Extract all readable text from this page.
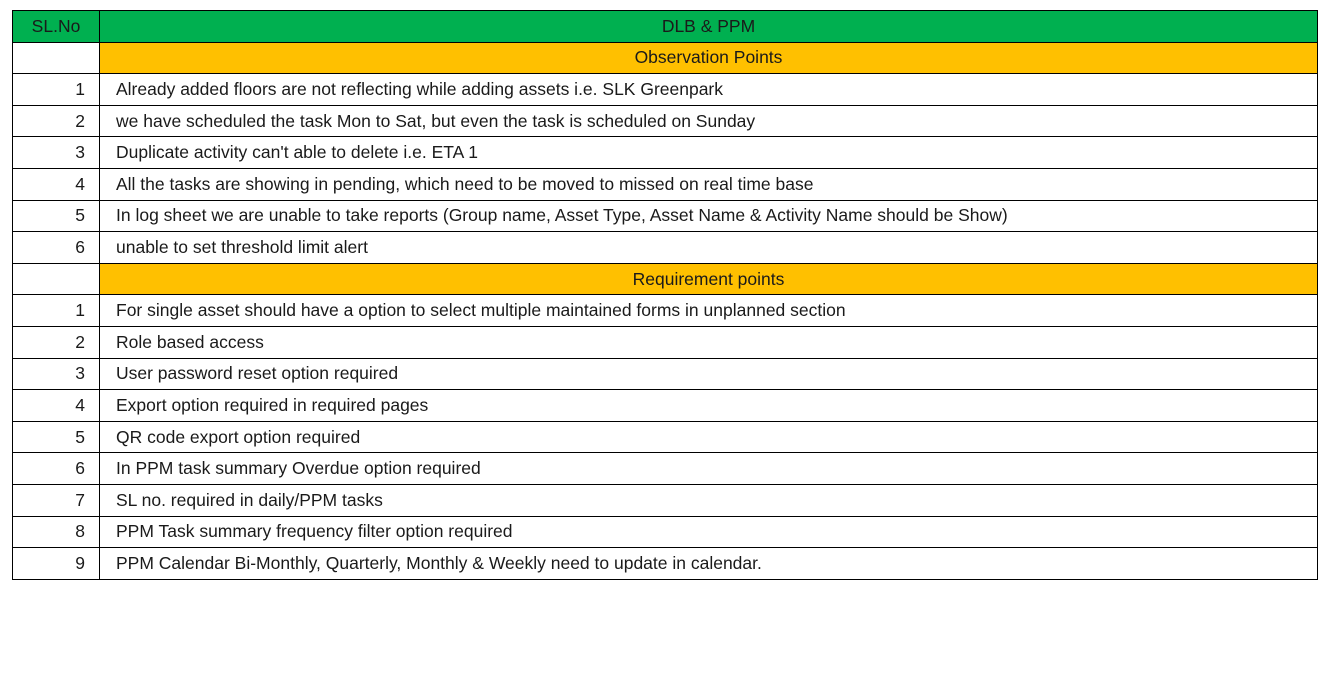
SL.No	DLB & PPM
	Observation Points
1	Already added floors are not reflecting while adding assets i.e. SLK Greenpark
2	we have scheduled the task Mon to Sat, but even the task is scheduled on Sunday
3	Duplicate activity can't able to delete i.e. ETA 1
4	All the tasks are showing in pending, which need to be moved to missed on real time base
5	In log sheet we are unable to take reports (Group name, Asset Type, Asset Name & Activity Name should be Show)
6	unable to set threshold limit alert
	Requirement points
1	For single asset should have a option to select multiple maintained forms in unplanned section
2	Role based access
3	User password reset option required
4	Export option required in required pages
5	QR code export option required
6	In PPM task summary Overdue option required
7	SL no. required in daily/PPM tasks
8	PPM Task summary frequency filter option required
9	PPM Calendar Bi-Monthly, Quarterly, Monthly & Weekly need to update in calendar.
